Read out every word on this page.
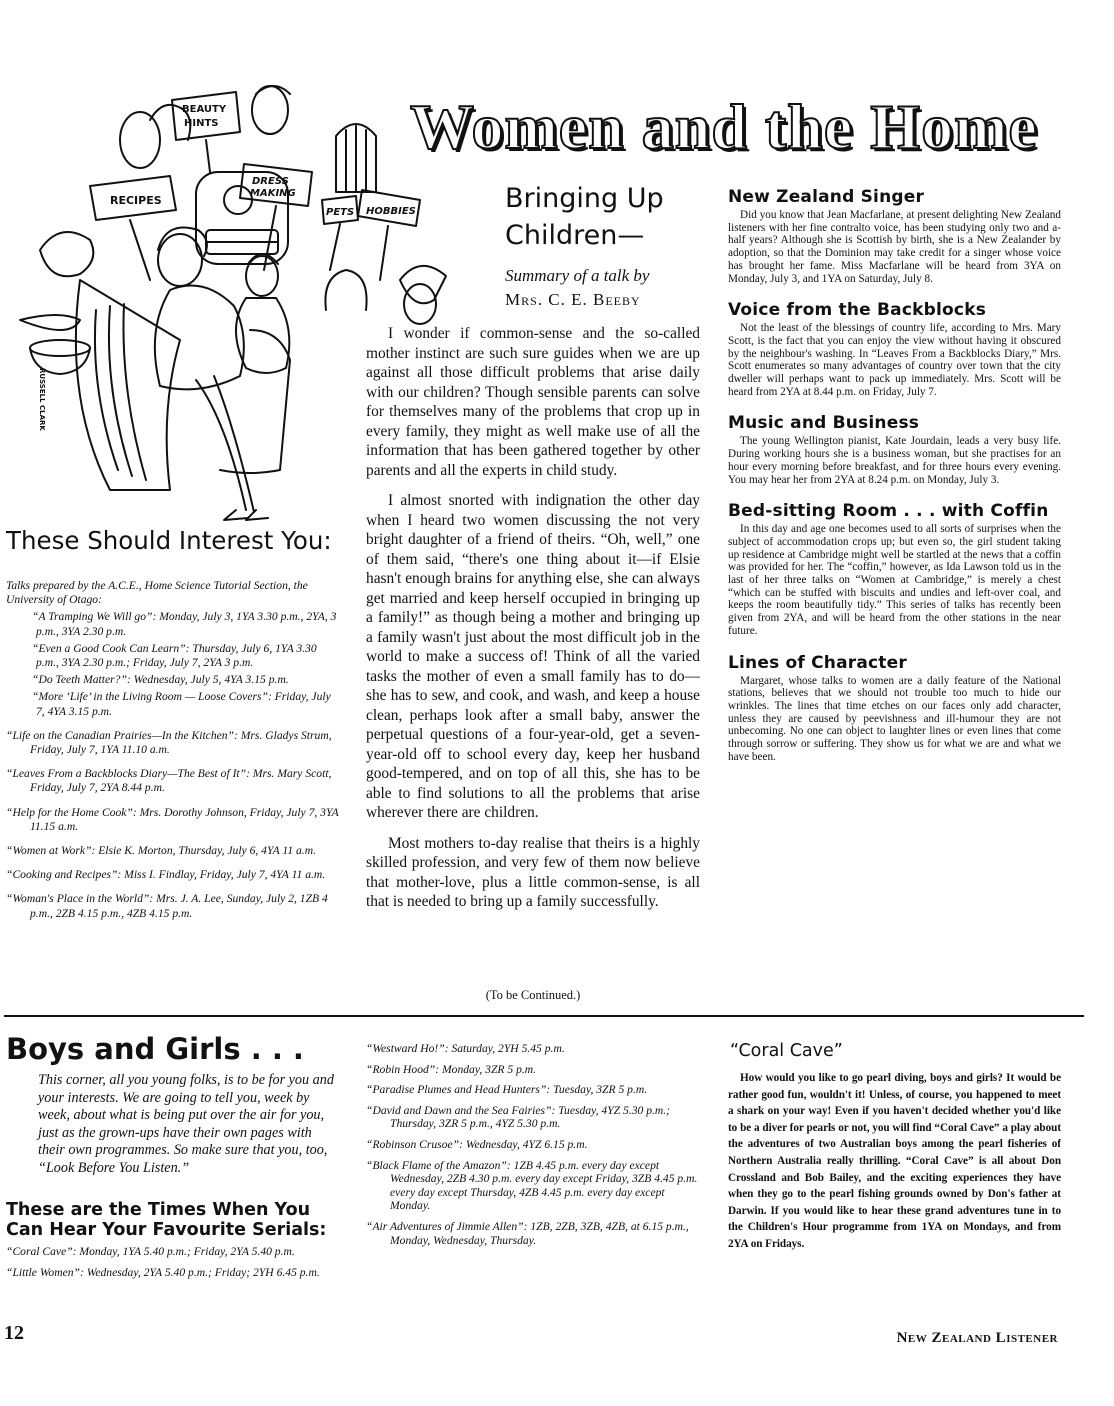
Women and the Home
BEAUTY
HINTS
RECIPES
DRESS
MAKING
PETS HOBBIES
RUSSELL CLARK
Bringing Up
Children—
Summary of a talk by
Mrs. C. E. Beeby

I wonder if common-sense and the so-called mother instinct are such sure guides when we are up against all those difficult problems that arise daily with our children? Though sensible parents can solve for themselves many of the problems that crop up in every family, they might as well make use of all the information that has been gathered together by other parents and all the experts in child study.

I almost snorted with indignation the other day when I heard two women discussing the not very bright daughter of a friend of theirs. “Oh, well,” one of them said, “there's one thing about it—if Elsie hasn't enough brains for anything else, she can always get married and keep herself occupied in bringing up a family!” as though being a mother and bringing up a family wasn't just about the most difficult job in the world to make a success of! Think of all the varied tasks the mother of even a small family has to do—she has to sew, and cook, and wash, and keep a house clean, perhaps look after a small baby, answer the perpetual questions of a four-year-old, get a seven-year-old off to school every day, keep her husband good-tempered, and on top of all this, she has to be able to find solutions to all the problems that arise wherever there are children.

Most mothers to-day realise that theirs is a highly skilled profession, and very few of them now believe that mother-love, plus a little common-sense, is all that is needed to bring up a family successfully.

(To be Continued.)
New Zealand Singer

Did you know that Jean Macfarlane, at present delighting New Zealand listeners with her fine contralto voice, has been studying only two and a-half years? Although she is Scottish by birth, she is a New Zealander by adoption, so that the Dominion may take credit for a singer whose voice has brought her fame. Miss Macfarlane will be heard from 3YA on Monday, July 3, and 1YA on Saturday, July 8.

Voice from the Backblocks

Not the least of the blessings of country life, according to Mrs. Mary Scott, is the fact that you can enjoy the view without having it obscured by the neighbour's washing. In “Leaves From a Backblocks Diary,” Mrs. Scott enumerates so many advantages of country over town that the city dweller will perhaps want to pack up immediately. Mrs. Scott will be heard from 2YA at 8.44 p.m. on Friday, July 7.

Music and Business

The young Wellington pianist, Kate Jourdain, leads a very busy life. During working hours she is a business woman, but she practises for an hour every morning before breakfast, and for three hours every evening. You may hear her from 2YA at 8.24 p.m. on Monday, July 3.

Bed-sitting Room . . . with Coffin

In this day and age one becomes used to all sorts of surprises when the subject of accommodation crops up; but even so, the girl student taking up residence at Cambridge might well be startled at the news that a coffin was provided for her. The “coffin,” however, as Ida Lawson told us in the last of her three talks on “Women at Cambridge,” is merely a chest “which can be stuffed with biscuits and undies and left-over coal, and keeps the room beautifully tidy.” This series of talks has recently been given from 2YA, and will be heard from the other stations in the near future.

Lines of Character

Margaret, whose talks to women are a daily feature of the National stations, believes that we should not trouble too much to hide our wrinkles. The lines that time etches on our faces only add character, unless they are caused by peevishness and ill-humour they are not unbecoming. No one can object to laughter lines or even lines that come through sorrow or suffering. They show us for what we are and what we have been.

These Should Interest You:

Talks prepared by the A.C.E., Home Science Tutorial Section, the University of Otago:

“A Tramping We Will go”: Monday, July 3, 1YA 3.30 p.m., 2YA, 3 p.m., 3YA 2.30 p.m.

“Even a Good Cook Can Learn”: Thursday, July 6, 1YA 3.30 p.m., 3YA 2.30 p.m.; Friday, July 7, 2YA 3 p.m.

“Do Teeth Matter?”: Wednesday, July 5, 4YA 3.15 p.m.

“More ‘Life’ in the Living Room — Loose Covers”: Friday, July 7, 4YA 3.15 p.m.

“Life on the Canadian Prairies—In the Kitchen”: Mrs. Gladys Strum, Friday, July 7, 1YA 11.10 a.m.

“Leaves From a Backblocks Diary—The Best of It”: Mrs. Mary Scott, Friday, July 7, 2YA 8.44 p.m.

“Help for the Home Cook”: Mrs. Dorothy Johnson, Friday, July 7, 3YA 11.15 a.m.

“Women at Work”: Elsie K. Morton, Thursday, July 6, 4YA 11 a.m.

“Cooking and Recipes”: Miss I. Findlay, Friday, July 7, 4YA 11 a.m.

“Woman's Place in the World”: Mrs. J. A. Lee, Sunday, July 2, 1ZB 4 p.m., 2ZB 4.15 p.m., 4ZB 4.15 p.m.

Boys and Girls . . .
This corner, all you young folks, is to be for you and your interests. We are going to tell you, week by week, about what is being put over the air for you, just as the grown-ups have their own pages with their own programmes. So make sure that you, too, “Look Before You Listen.”
These are the Times When You
Can Hear Your Favourite Serials:

“Coral Cave”: Monday, 1YA 5.40 p.m.; Friday, 2YA 5.40 p.m.

“Little Women”: Wednesday, 2YA 5.40 p.m.; Friday; 2YH 6.45 p.m.

“Westward Ho!”: Saturday, 2YH 5.45 p.m.

“Robin Hood”: Monday, 3ZR 5 p.m.

“Paradise Plumes and Head Hunters”: Tuesday, 3ZR 5 p.m.

“David and Dawn and the Sea Fairies”: Tuesday, 4YZ 5.30 p.m.; Thursday, 3ZR 5 p.m., 4YZ 5.30 p.m.

“Robinson Crusoe”: Wednesday, 4YZ 6.15 p.m.

“Black Flame of the Amazon”: 1ZB 4.45 p.m. every day except Wednesday, 2ZB 4.30 p.m. every day except Friday, 3ZB 4.45 p.m. every day except Thursday, 4ZB 4.45 p.m. every day except Monday.

“Air Adventures of Jimmie Allen”: 1ZB, 2ZB, 3ZB, 4ZB, at 6.15 p.m., Monday, Wednesday, Thursday.

“Coral Cave”

How would you like to go pearl diving, boys and girls? It would be rather good fun, wouldn't it! Unless, of course, you happened to meet a shark on your way! Even if you haven't decided whether you'd like to be a diver for pearls or not, you will find “Coral Cave” a play about the adventures of two Australian boys among the pearl fisheries of Northern Australia really thrilling. “Coral Cave” is all about Don Crossland and Bob Bailey, and the exciting experiences they have when they go to the pearl fishing grounds owned by Don's father at Darwin. If you would like to hear these grand adventures tune in to the Children's Hour programme from 1YA on Mondays, and from 2YA on Fridays.

12	New Zealand Listener
